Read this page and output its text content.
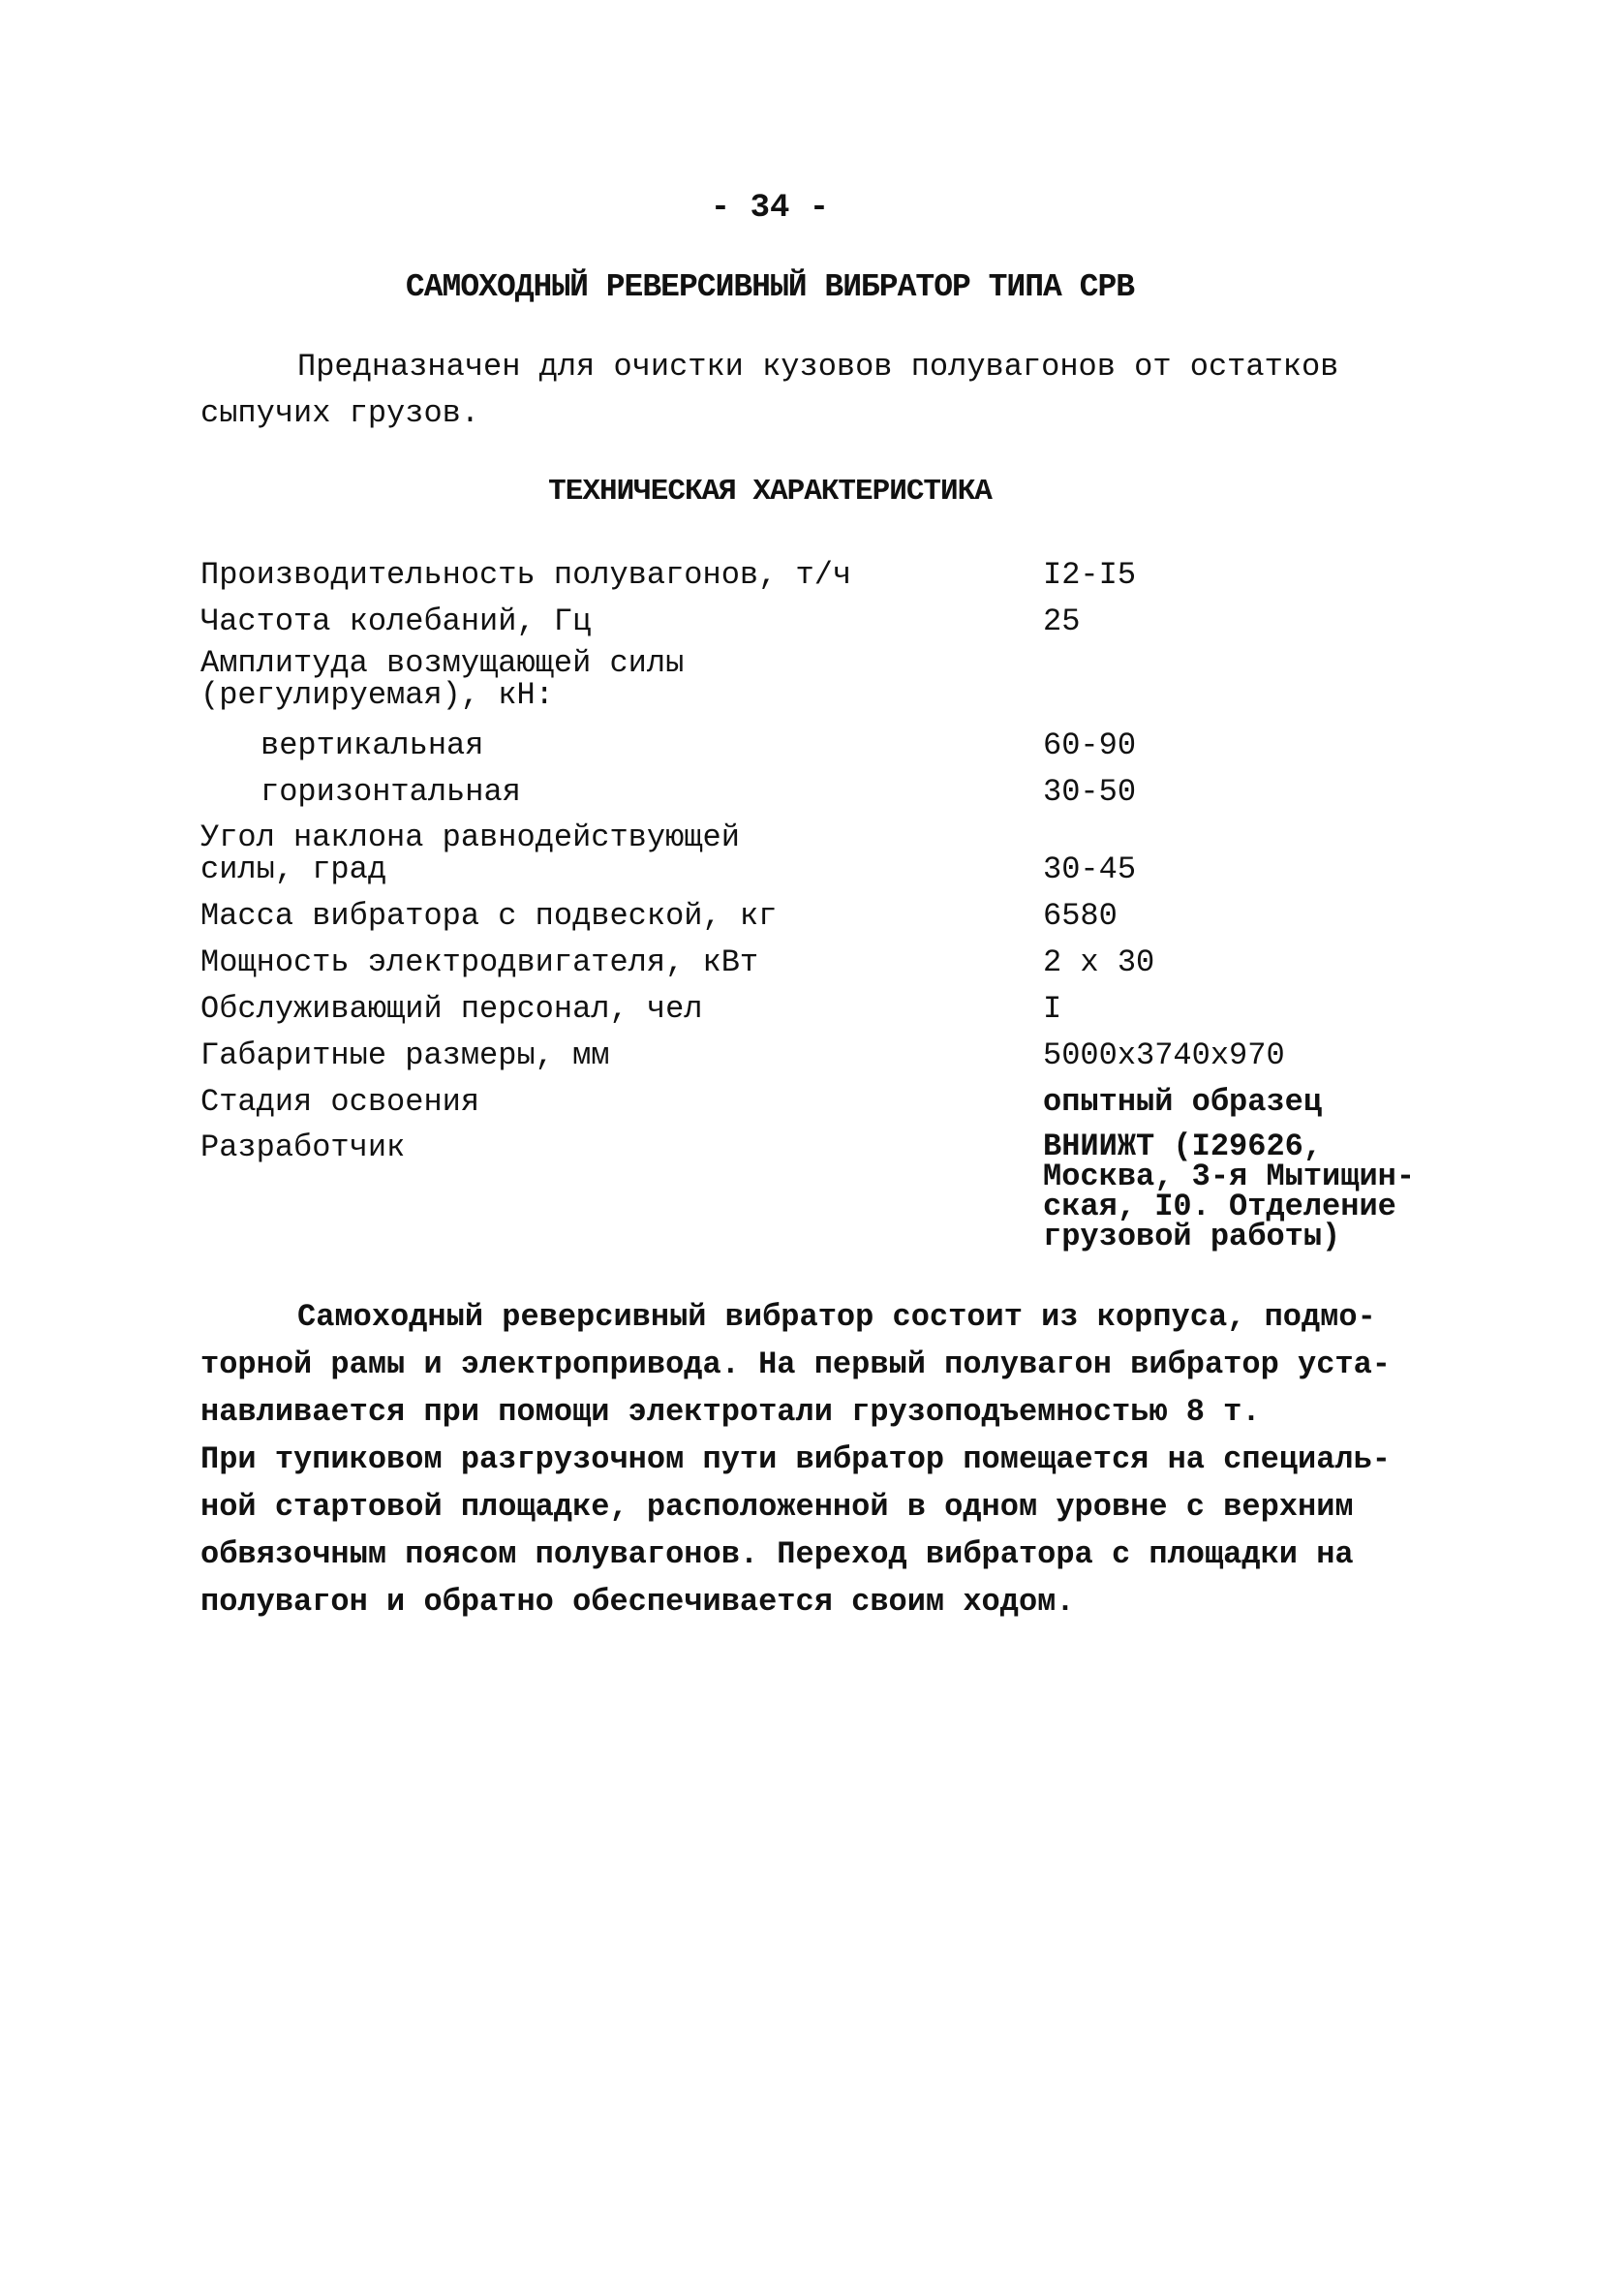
- 34 -
САМОХОДНЫЙ РЕВЕРСИВНЫЙ ВИБРАТОР ТИПА СРВ
Предназначен для очистки кузовов полувагонов от остатков
сыпучих грузов.
ТЕХНИЧЕСКАЯ ХАРАКТЕРИСТИКА
Производительность полувагонов, т/ч	I2-I5
Частота колебаний, Гц	25
Амплитуда возмущающей силы
(регулируемая), кН:
вертикальная	60-90
горизонтальная	30-50
Угол наклона равнодействующей
силы, град	30-45
Масса вибратора с подвеской, кг	6580
Мощность электродвигателя, кВт	2 x 30
Обслуживающий персонал, чел	I
Габаритные размеры, мм	5000x3740x970
Стадия освоения	опытный образец
Разработчик	ВНИИЖТ (I29626,
Москва, 3-я Мытищин-
ская, I0. Отделение
грузовой работы)
Самоходный реверсивный вибратор состоит из корпуса, подмо-
торной рамы и электропривода. На первый полувагон вибратор уста-
навливается при помощи электротали грузоподъемностью 8 т.
При тупиковом разгрузочном пути вибратор помещается на специаль-
ной стартовой площадке, расположенной в одном уровне с верхним
обвязочным поясом полувагонов. Переход вибратора с площадки на
полувагон и обратно обеспечивается своим ходом.
